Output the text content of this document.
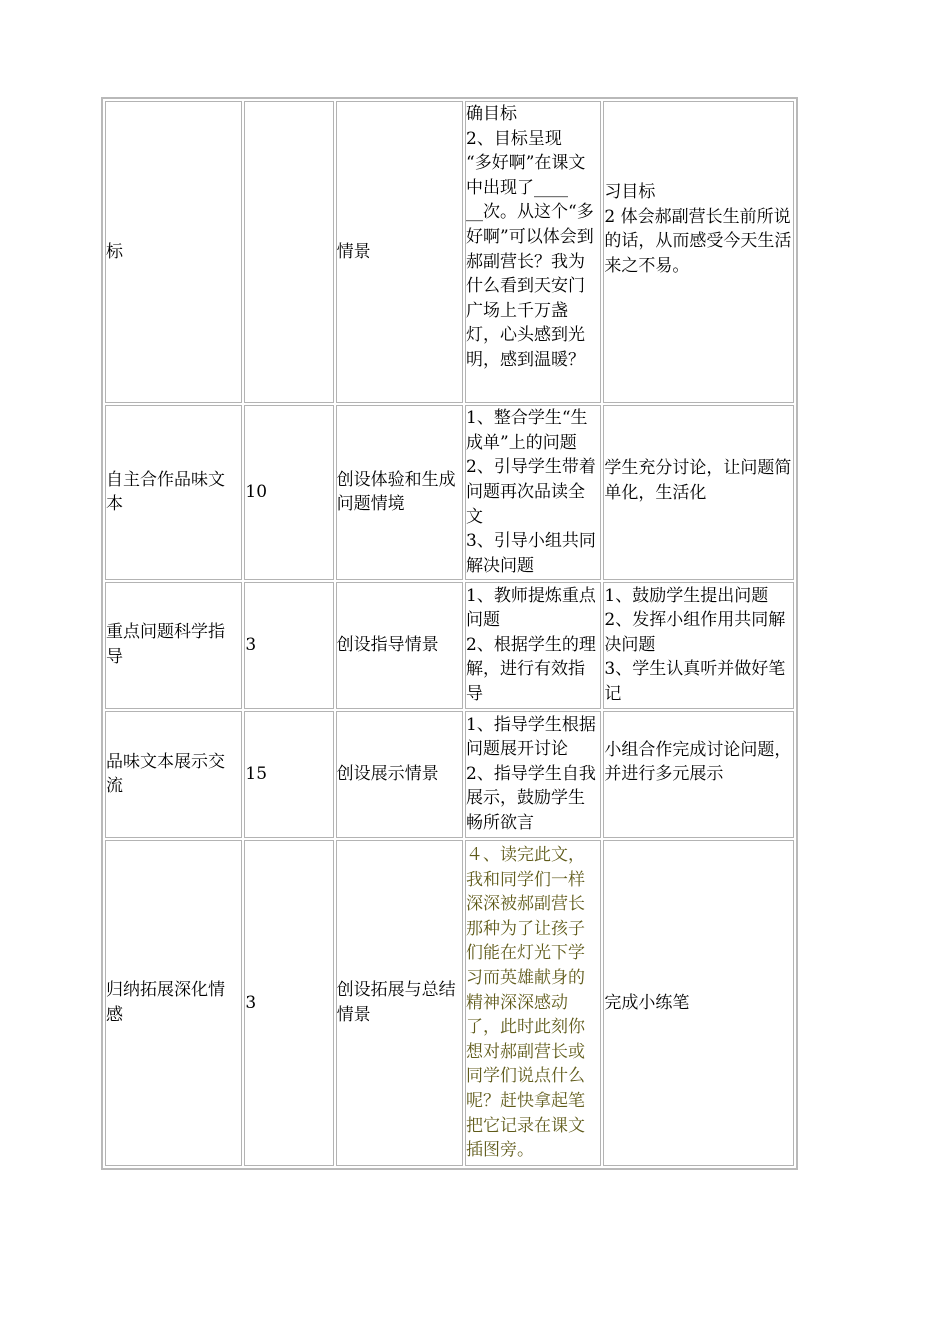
标		情景	确目标
2、目标呈现
“多好啊”在课文中出现了____
__次。从这个“多好啊”可以体会到郝副营长？我为什么看到天安门广场上千万盏灯，心头感到光明，感到温暖？	习目标
2 体会郝副营长生前所说的话，从而感受今天生活来之不易。

自主合作品味文本	10	创设体验和生成问题情境	1、整合学生“生成单”上的问题
2、引导学生带着问题再次品读全文
3、引导小组共同解决问题	学生充分讨论，让问题简单化，生活化

重点问题科学指导	3	创设指导情景	1、教师提炼重点问题
2、根据学生的理解，进行有效指导	1、鼓励学生提出问题
2、发挥小组作用共同解决问题
3、学生认真听并做好笔记

品味文本展示交流	15	创设展示情景	1、指导学生根据问题展开讨论
2、指导学生自我展示，鼓励学生畅所欲言	小组合作完成讨论问题，并进行多元展示

归纳拓展深化情感	3	创设拓展与总结情景	４、读完此文，我和同学们一样深深被郝副营长那种为了让孩子们能在灯光下学习而英雄献身的精神深深感动了，此时此刻你想对郝副营长或同学们说点什么呢？赶快拿起笔把它记录在课文插图旁。	完成小练笔
